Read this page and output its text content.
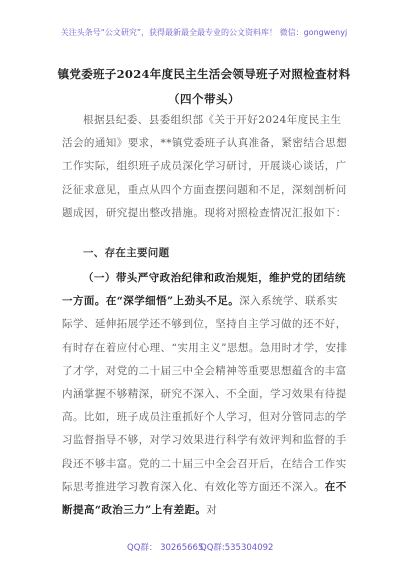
关注头条号“公文研究”，获得最新最全最专业的公文资料库！ 微信：gongwenyj
镇党委班子2024年度民主生活会领导班子对照检查材料
（四个带头）
根据县纪委、县委组织部《关于开好2024年度民主生活会的通知》要求，**镇党委班子认真准备，紧密结合思想工作实际，组织班子成员深化学习研讨，开展谈心谈话，广泛征求意见，重点从四个方面查摆问题和不足，深刻剖析问题成因，研究提出整改措施。现将对照检查情况汇报如下：
一、存在主要问题
（一）带头严守政治纪律和政治规矩，维护党的团结统一方面。在“深学细悟”上劲头不足。深入系统学、联系实际学、延伸拓展学还不够到位，坚持自主学习做的还不好，有时存在着应付心理、“实用主义”思想。急用时才学，安排了才学，对党的二十届三中全会精神等重要思想蕴含的丰富内涵掌握不够精深，研究不深入、不全面，学习效果有待提高。比如，班子成员注重抓好个人学习，但对分管同志的学习监督指导不够，对学习效果进行科学有效评判和监督的手段还不够丰富。党的二十届三中全会召开后，在结合工作实际思考推进学习教育深入化、有效化等方面还不深入。在不断提高“政治三力”上有差距。对
QQ群： 30265665
QQ群:535304092
